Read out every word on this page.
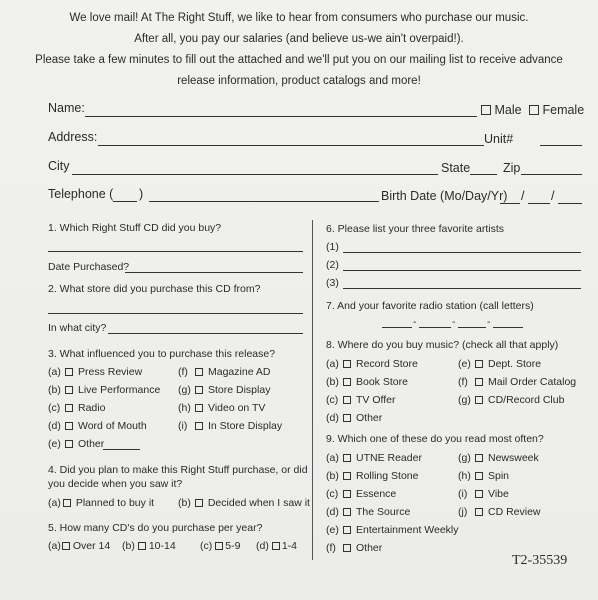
We love mail! At The Right Stuff, we like to hear from consumers who purchase our music.
After all, you pay our salaries (and believe us-we ain't overpaid!).
Please take a few minutes to fill out the attached and we'll put you on our mailing list to receive advance
release information, product catalogs and more!
Name:	Male	Female
Address:	Unit#
City	State	Zip
Telephone ( )	Birth Date (Mo/Day/Yr) / /
1. Which Right Stuff CD did you buy?
Date Purchased?
2. What store did you purchase this CD from?
In what city?
3. What influenced you to purchase this release?
(a) Press Review
(b) Live Performance
(c) Radio
(d) Word of Mouth
(e) Other
(f) Magazine AD
(g) Store Display
(h) Video on TV
(i) In Store Display
4. Did you plan to make this Right Stuff purchase, or did
you decide when you saw it?
(a) Planned to buy it (b) Decided when I saw it
5. How many CD's do you purchase per year?
(a) Over 14 (b) 10-14 (c) 5-9 (d) 1-4
6. Please list your three favorite artists
(1)
(2)
(3)
7. And your favorite radio station (call letters)
-	-	-
8. Where do you buy music? (check all that apply)
(a) Record Store
(b) Book Store
(c) TV Offer
(d) Other
(e) Dept. Store
(f) Mail Order Catalog
(g) CD/Record Club
9. Which one of these do you read most often?
(a) UTNE Reader
(b) Rolling Stone
(c) Essence
(d) The Source
(e) Entertainment Weekly
(f) Other
(g) Newsweek
(h) Spin
(i) Vibe
(j) CD Review
T2-35539
